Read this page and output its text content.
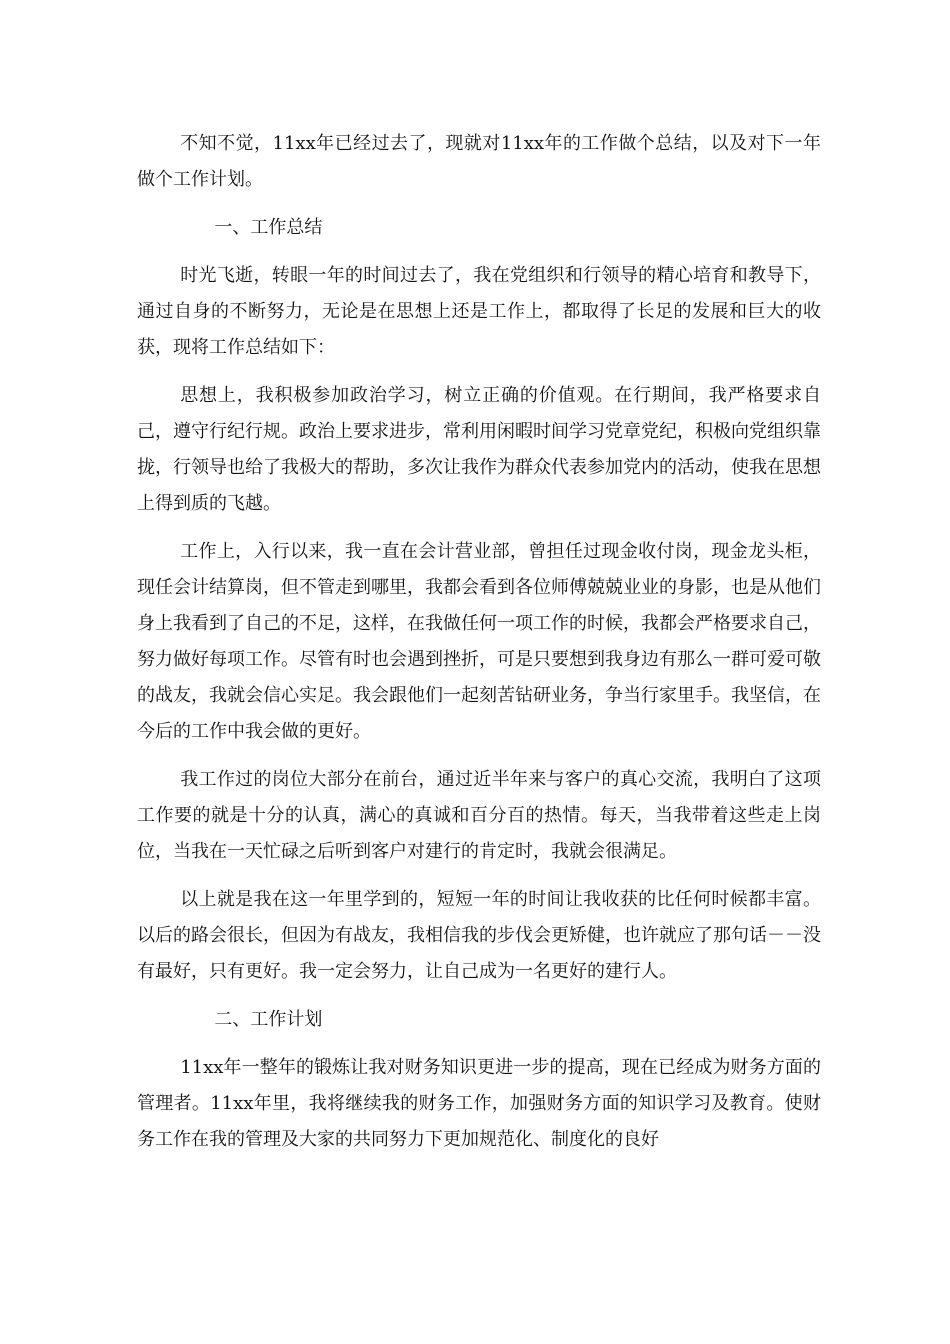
不知不觉，11xx年已经过去了，现就对11xx年的工作做个总结，以及对下一年做个工作计划。

一、工作总结

时光飞逝，转眼一年的时间过去了，我在党组织和行领导的精心培育和教导下，通过自身的不断努力，无论是在思想上还是工作上，都取得了长足的发展和巨大的收获，现将工作总结如下：

思想上，我积极参加政治学习，树立正确的价值观。在行期间，我严格要求自己，遵守行纪行规。政治上要求进步，常利用闲暇时间学习党章党纪，积极向党组织靠拢，行领导也给了我极大的帮助，多次让我作为群众代表参加党内的活动，使我在思想上得到质的飞越。

工作上，入行以来，我一直在会计营业部，曾担任过现金收付岗，现金龙头柜，现任会计结算岗，但不管走到哪里，我都会看到各位师傅兢兢业业的身影，也是从他们身上我看到了自己的不足，这样，在我做任何一项工作的时候，我都会严格要求自己，努力做好每项工作。尽管有时也会遇到挫折，可是只要想到我身边有那么一群可爱可敬的战友，我就会信心实足。我会跟他们一起刻苦钻研业务，争当行家里手。我坚信，在今后的工作中我会做的更好。

我工作过的岗位大部分在前台，通过近半年来与客户的真心交流，我明白了这项工作要的就是十分的认真，满心的真诚和百分百的热情。每天，当我带着这些走上岗位，当我在一天忙碌之后听到客户对建行的肯定时，我就会很满足。

以上就是我在这一年里学到的，短短一年的时间让我收获的比任何时候都丰富。以后的路会很长，但因为有战友，我相信我的步伐会更矫健，也许就应了那句话－－没有最好，只有更好。我一定会努力，让自己成为一名更好的建行人。

二、工作计划

11xx年一整年的锻炼让我对财务知识更进一步的提高，现在已经成为财务方面的管理者。11xx年里，我将继续我的财务工作，加强财务方面的知识学习及教育。使财务工作在我的管理及大家的共同努力下更加规范化、制度化的良好
